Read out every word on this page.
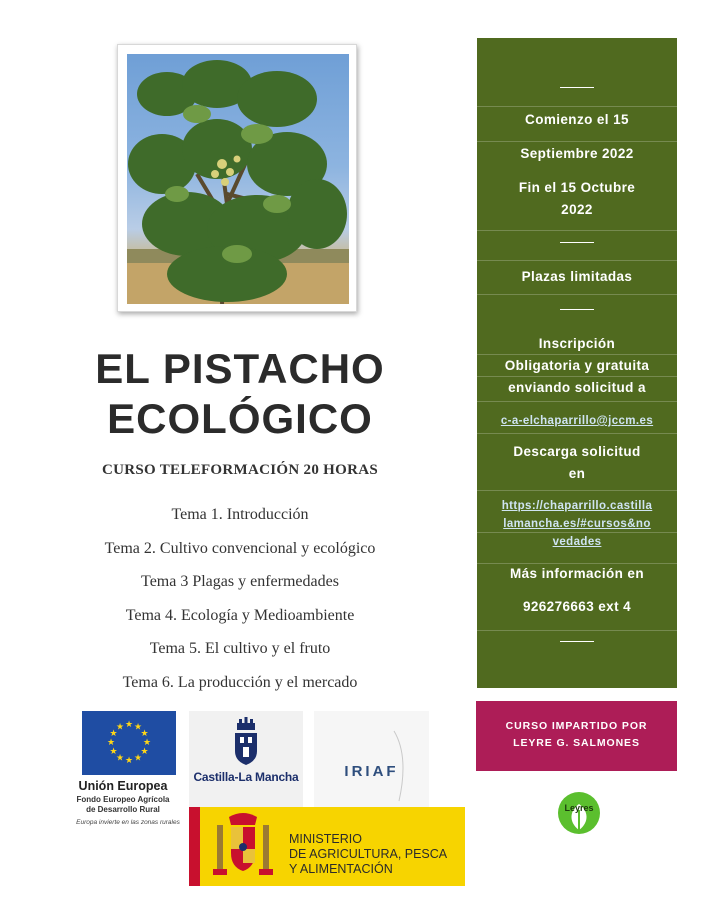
EL PISTACHO
ECOLÓGICO
CURSO TELEFORMACIÓN 20 HORAS
Tema 1. Introducción
Tema 2. Cultivo convencional y ecológico
Tema 3 Plagas y enfermedades
Tema 4. Ecología y Medioambiente
Tema 5. El cultivo y el fruto
Tema 6. La producción y el mercado
Comienzo el 15
Septiembre 2022
Fin el 15 Octubre
2022
Plazas limitadas
Inscripción
Obligatoria y gratuita
enviando solicitud a
c-a-elchaparrillo@jccm.es
Descarga solicitud
en
https://chaparrillo.castilla
lamancha.es/#cursos&no
vedades
Más información en
926276663 ext 4
CURSO IMPARTIDO POR
LEYRE G. SALMONES
Leyres
★ ★
★
★
★
★
★
★
★
★
★
★
Unión Europea
Fondo Europeo Agrícola
de Desarrollo Rural
Europa invierte en las zonas rurales
Castilla-La Mancha	IRIAF
MINISTERIO
DE AGRICULTURA, PESCA
Y ALIMENTACIÓN
